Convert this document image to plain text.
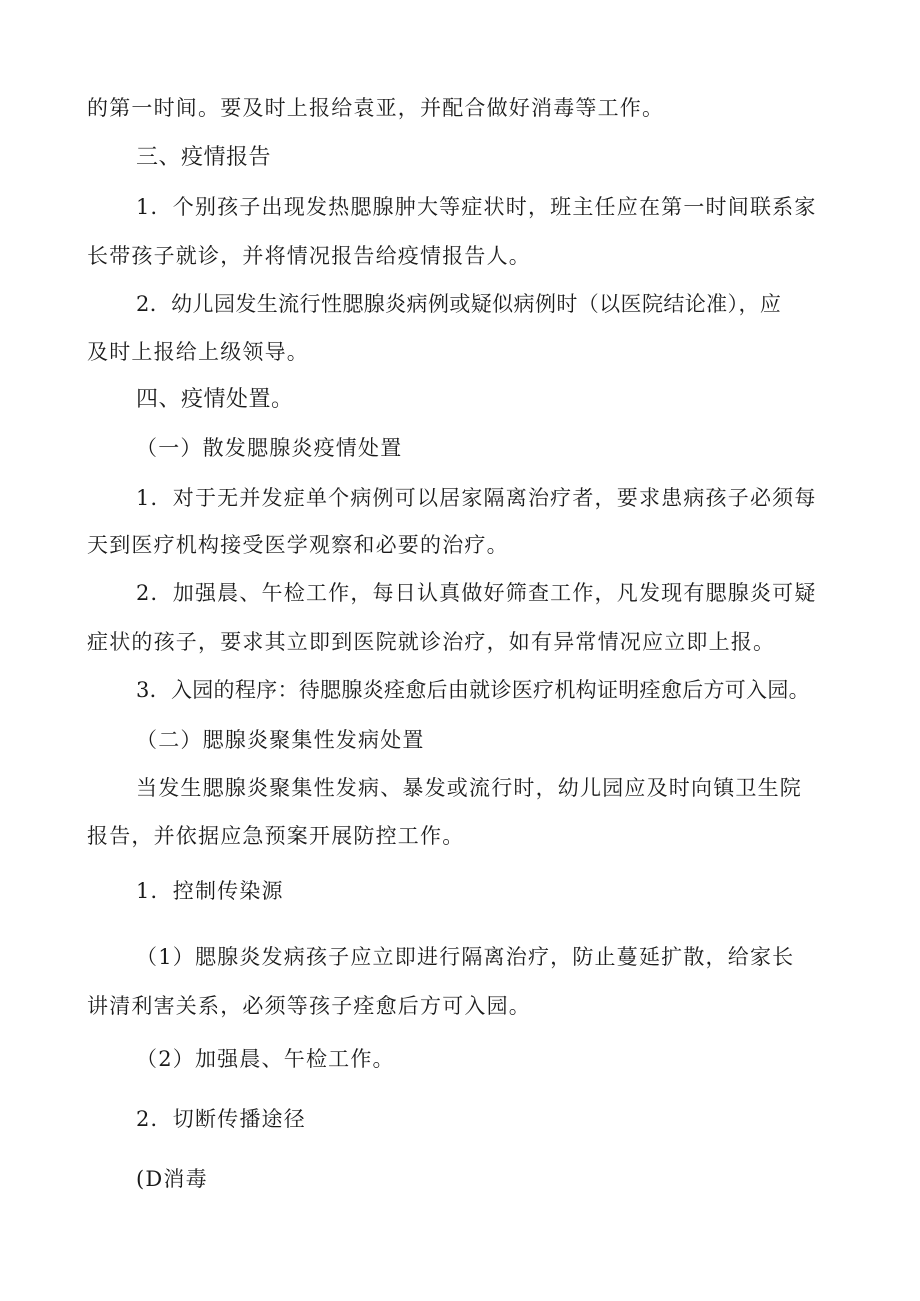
的第一时间。要及时上报给袁亚，并配合做好消毒等工作。
三、疫情报告
1．个别孩子出现发热腮腺肿大等症状时，班主任应在第一时间联系家
长带孩子就诊，并将情况报告给疫情报告人。
2．幼儿园发生流行性腮腺炎病例或疑似病例时（以医院结论准），应
及时上报给上级领导。
四、疫情处置。
（一）散发腮腺炎疫情处置
1．对于无并发症单个病例可以居家隔离治疗者，要求患病孩子必须每
天到医疗机构接受医学观察和必要的治疗。
2．加强晨、午检工作，每日认真做好筛查工作，凡发现有腮腺炎可疑
症状的孩子，要求其立即到医院就诊治疗，如有异常情况应立即上报。
3．入园的程序：待腮腺炎痊愈后由就诊医疗机构证明痊愈后方可入园。
（二）腮腺炎聚集性发病处置
当发生腮腺炎聚集性发病、暴发或流行时，幼儿园应及时向镇卫生院
报告，并依据应急预案开展防控工作。
1．控制传染源
（1）腮腺炎发病孩子应立即进行隔离治疗，防止蔓延扩散，给家长
讲清利害关系，必须等孩子痊愈后方可入园。
（2）加强晨、午检工作。
2．切断传播途径
(D消毒
